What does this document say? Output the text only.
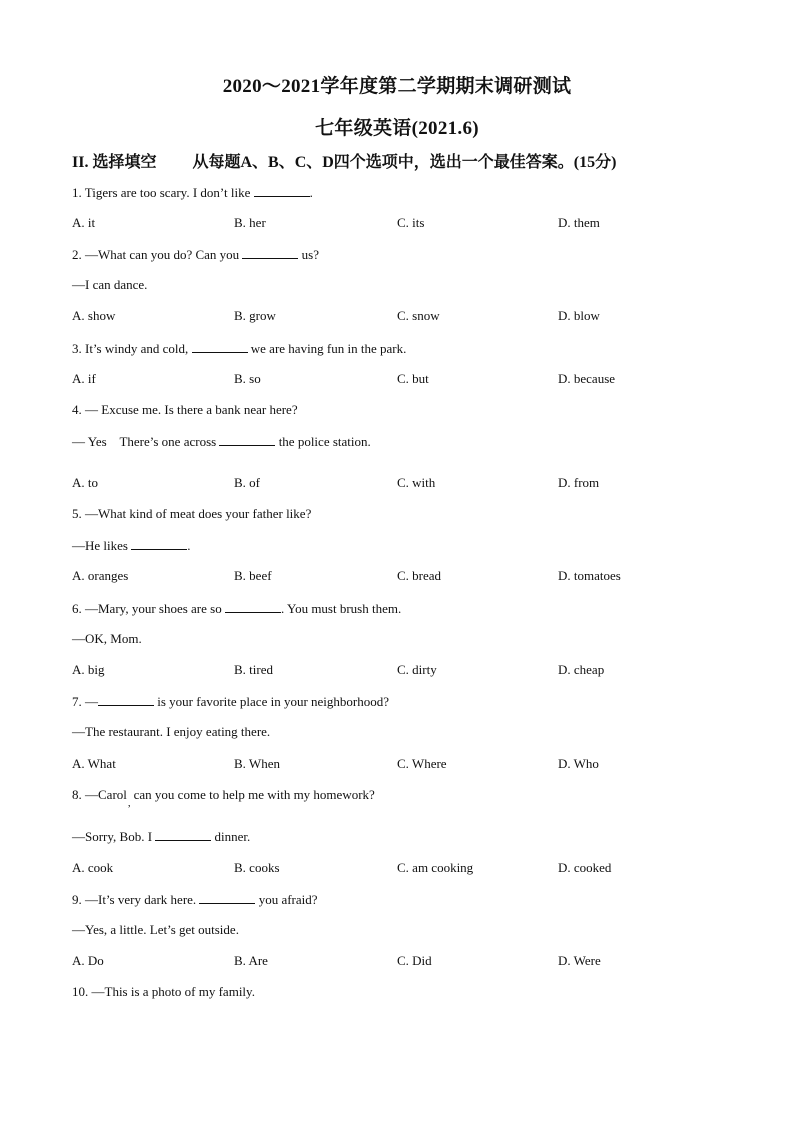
2020～2021学年度第二学期期末调研测试
七年级英语(2021.6)
II. 选择填空 从每题A、B、C、D四个选项中，选出一个最佳答案。(15分)
1. Tigers are too scary. I don’t like	.
A. it	B. her	C. its	D. them
2. —What can you do? Can you	us?
—I can dance.
A. show	B. grow	C. snow	D. blow
3. It’s windy and cold,	we are having fun in the park.
A. if	B. so	C. but	D. because
4. — Excuse me. Is there a bank near here?
— Yes    There’s one across	the police station.
A. to	B. of	C. with	D. from
5. —What kind of meat does your father like?
—He likes	.
A. oranges	B. beef	C. bread	D. tomatoes
6. —Mary, your shoes are so	. You must brush them.
—OK, Mom.
A. big	B. tired	C. dirty	D. cheap
7. —	is your favorite place in your neighborhood?
—The restaurant. I enjoy eating there.
A. What	B. When	C. Where	D. Who
8. —Carol$_,$can you come to help me with my homework?
—Sorry, Bob. I	dinner.
A. cook	B. cooks	C. am cooking	D. cooked
9. —It’s very dark here.	you afraid?
—Yes, a little. Let’s get outside.
A. Do	B. Are	C. Did	D. Were
10. —This is a photo of my family.
